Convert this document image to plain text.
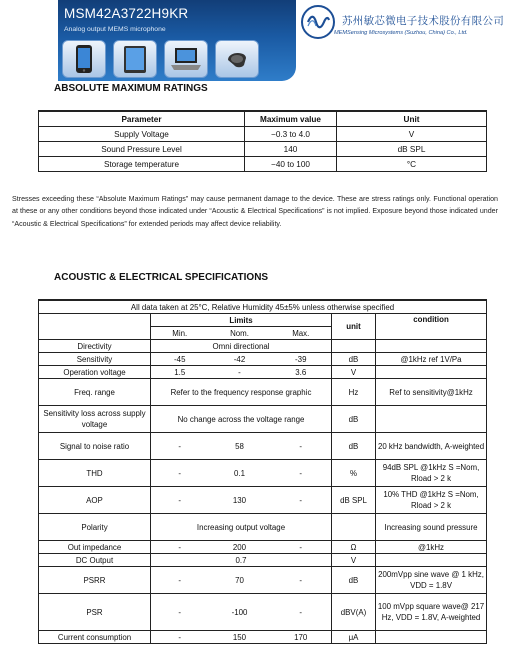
MSM42A3722H9KR
Analog output MEMS microphone
苏州敏芯微电子技术股份有限公司
MEMSensing Microsystems (Suzhou, China) Co., Ltd.
ABSOLUTE MAXIMUM RATINGS
Parameter	Maximum value	Unit
Supply Voltage	−0.3 to 4.0	V
Sound Pressure Level	140	dB SPL
Storage temperature	−40 to 100	°C
Stresses exceeding these “Absolute Maximum Ratings” may cause permanent damage to the device. These are stress ratings only. Functional operation at these or any other conditions beyond those indicated under “Acoustic & Electrical Specifications” is not implied. Exposure beyond those indicated under “Acoustic & Electrical Specifications” for extended periods may affect device reliability.
ACOUSTIC & ELECTRICAL SPECIFICATIONS
All data taken at 25°C, Relative Humidity 45±5% unless otherwise specified					
	Limits			unit	condition
	Min.	Nom.	Max.		
Directivity	Omni directional				
Sensitivity	-45	-42	-39	dB	@1kHz ref 1V/Pa
Operation voltage	1.5	-	3.6	V	
Freq. range	Refer to the frequency response graphic			Hz	Ref to sensitivity@1kHz
Sensitivity loss across supply voltage	No change across the voltage range			dB	
Signal to noise ratio	-	58	-	dB	20 kHz bandwidth, A-weighted
THD	-	0.1	-	%	94dB SPL @1kHz S =Nom, Rload > 2 k
AOP	-	130	-	dB SPL	10% THD @1kHz S =Nom, Rload > 2 k
Polarity	Increasing output voltage				Increasing sound pressure
Out impedance	-	200	-	Ω	@1kHz
DC Output	0.7			V	
PSRR	-	70	-	dB	200mVpp sine wave @ 1 kHz, VDD = 1.8V
PSR	-	-100	-	dBV(A)	100 mVpp square wave@ 217 Hz, VDD = 1.8V, A-weighted
Current consumption	-	150	170	μA	
